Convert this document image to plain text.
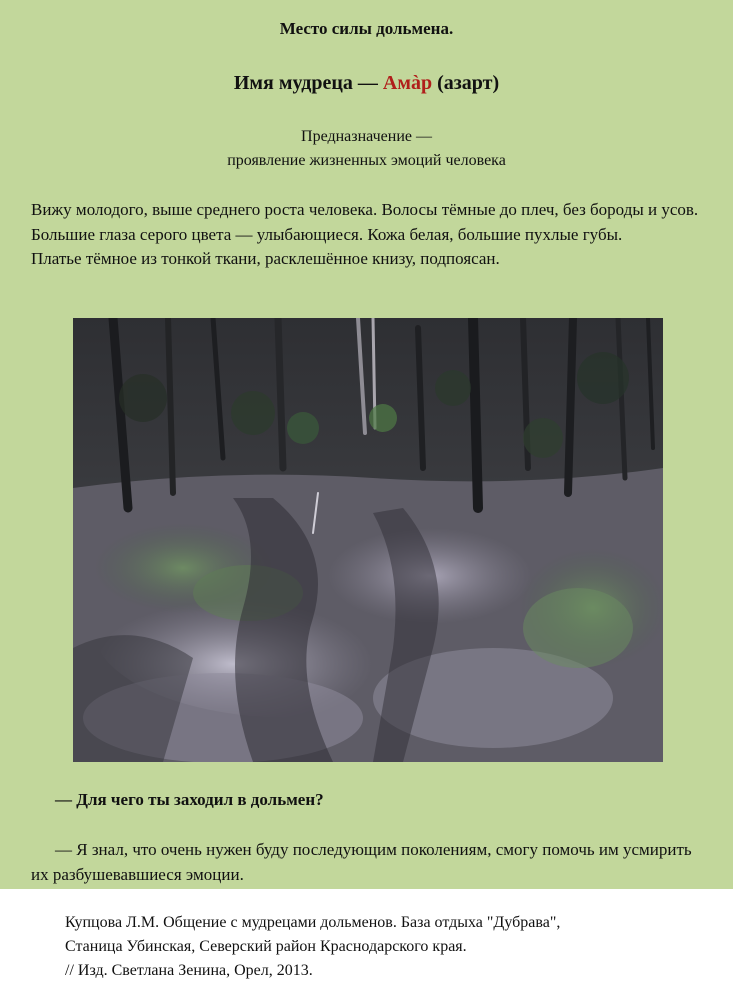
Место силы дольмена.
Имя мудреца — Амàр (азарт)
Предназначение —
проявление жизненных эмоций человека

Вижу молодого, выше среднего роста человека. Волосы тёмные до плеч, без бороды и усов. Большие глаза серого цвета — улыбающиеся. Кожа белая, большие пухлые губы.

Платье тёмное из тонкой ткани, расклешённое книзу, подпоясан.

— Для чего ты заходил в дольмен?
— Я знал, что очень нужен буду последующим поколениям, смогу помочь им усмирить их разбушевавшиеся эмоции.
Купцова Л.М. Общение с мудрецами дольменов. База отдыха "Дубрава",
Станица Убинская, Северский район Краснодарского края.
// Изд. Светлана Зенина, Орел, 2013.
